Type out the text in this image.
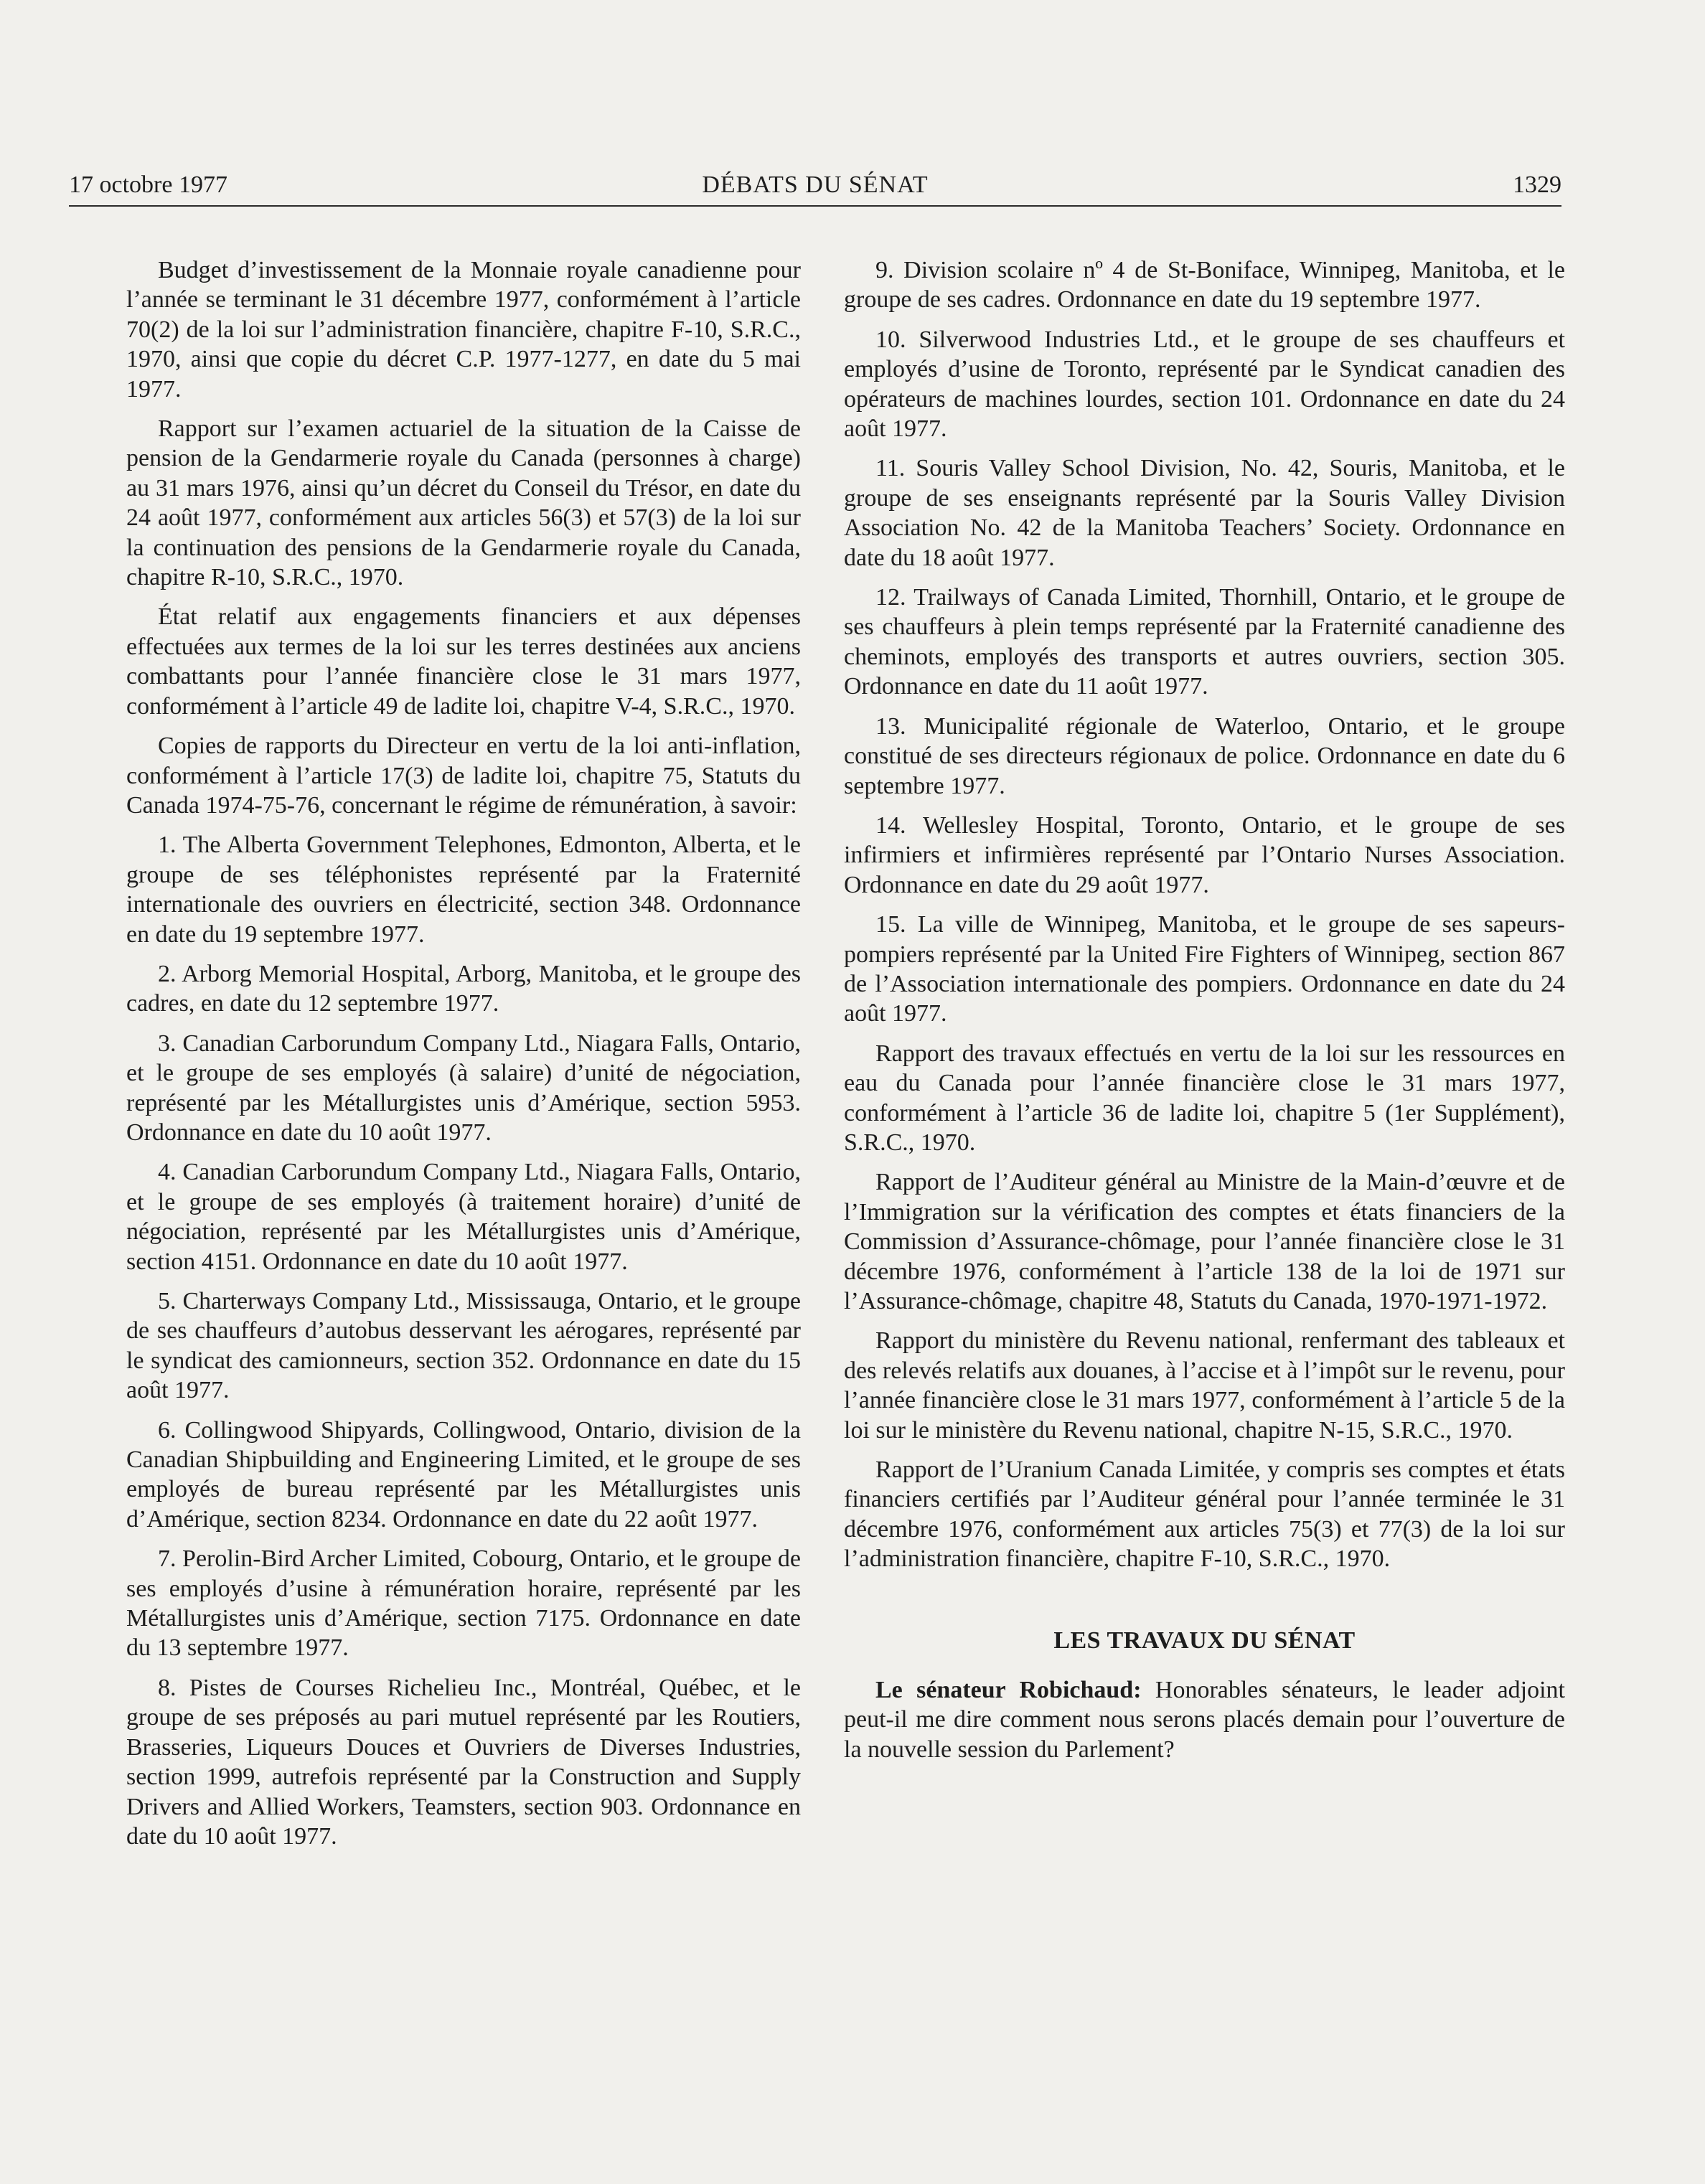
17 octobre 1977	DÉBATS DU SÉNAT	1329

Budget d’investissement de la Monnaie royale canadienne pour l’année se terminant le 31 décembre 1977, conformément à l’article 70(2) de la loi sur l’administration financière, chapitre F-10, S.R.C., 1970, ainsi que copie du décret C.P. 1977-1277, en date du 5 mai 1977.

Rapport sur l’examen actuariel de la situation de la Caisse de pension de la Gendarmerie royale du Canada (personnes à charge) au 31 mars 1976, ainsi qu’un décret du Conseil du Trésor, en date du 24 août 1977, conformément aux articles 56(3) et 57(3) de la loi sur la continuation des pensions de la Gendarmerie royale du Canada, chapitre R-10, S.R.C., 1970.

État relatif aux engagements financiers et aux dépenses effectuées aux termes de la loi sur les terres destinées aux anciens combattants pour l’année financière close le 31 mars 1977, conformément à l’article 49 de ladite loi, chapitre V-4, S.R.C., 1970.

Copies de rapports du Directeur en vertu de la loi anti-inflation, conformément à l’article 17(3) de ladite loi, chapitre 75, Statuts du Canada 1974-75-76, concernant le régime de rémunération, à savoir:

1. The Alberta Government Telephones, Edmonton, Alberta, et le groupe de ses téléphonistes représenté par la Fraternité internationale des ouvriers en électricité, section 348. Ordonnance en date du 19 septembre 1977.

2. Arborg Memorial Hospital, Arborg, Manitoba, et le groupe des cadres, en date du 12 septembre 1977.

3. Canadian Carborundum Company Ltd., Niagara Falls, Ontario, et le groupe de ses employés (à salaire) d’unité de négociation, représenté par les Métallurgistes unis d’Amérique, section 5953. Ordonnance en date du 10 août 1977.

4. Canadian Carborundum Company Ltd., Niagara Falls, Ontario, et le groupe de ses employés (à traitement horaire) d’unité de négociation, représenté par les Métallurgistes unis d’Amérique, section 4151. Ordonnance en date du 10 août 1977.

5. Charterways Company Ltd., Mississauga, Ontario, et le groupe de ses chauffeurs d’autobus desservant les aérogares, représenté par le syndicat des camionneurs, section 352. Ordonnance en date du 15 août 1977.

6. Collingwood Shipyards, Collingwood, Ontario, division de la Canadian Shipbuilding and Engineering Limited, et le groupe de ses employés de bureau représenté par les Métallurgistes unis d’Amérique, section 8234. Ordonnance en date du 22 août 1977.

7. Perolin-Bird Archer Limited, Cobourg, Ontario, et le groupe de ses employés d’usine à rémunération horaire, représenté par les Métallurgistes unis d’Amérique, section 7175. Ordonnance en date du 13 septembre 1977.

8. Pistes de Courses Richelieu Inc., Montréal, Québec, et le groupe de ses préposés au pari mutuel représenté par les Routiers, Brasseries, Liqueurs Douces et Ouvriers de Diverses Industries, section 1999, autrefois représenté par la Construction and Supply Drivers and Allied Workers, Teamsters, section 903. Ordonnance en date du 10 août 1977.

9. Division scolaire nº 4 de St-Boniface, Winnipeg, Manitoba, et le groupe de ses cadres. Ordonnance en date du 19 septembre 1977.

10. Silverwood Industries Ltd., et le groupe de ses chauffeurs et employés d’usine de Toronto, représenté par le Syndicat canadien des opérateurs de machines lourdes, section 101. Ordonnance en date du 24 août 1977.

11. Souris Valley School Division, No. 42, Souris, Manitoba, et le groupe de ses enseignants représenté par la Souris Valley Division Association No. 42 de la Manitoba Teachers’ Society. Ordonnance en date du 18 août 1977.

12. Trailways of Canada Limited, Thornhill, Ontario, et le groupe de ses chauffeurs à plein temps représenté par la Fraternité canadienne des cheminots, employés des transports et autres ouvriers, section 305. Ordonnance en date du 11 août 1977.

13. Municipalité régionale de Waterloo, Ontario, et le groupe constitué de ses directeurs régionaux de police. Ordonnance en date du 6 septembre 1977.

14. Wellesley Hospital, Toronto, Ontario, et le groupe de ses infirmiers et infirmières représenté par l’Ontario Nurses Association. Ordonnance en date du 29 août 1977.

15. La ville de Winnipeg, Manitoba, et le groupe de ses sapeurs-pompiers représenté par la United Fire Fighters of Winnipeg, section 867 de l’Association internationale des pompiers. Ordonnance en date du 24 août 1977.

Rapport des travaux effectués en vertu de la loi sur les ressources en eau du Canada pour l’année financière close le 31 mars 1977, conformément à l’article 36 de ladite loi, chapitre 5 (1er Supplément), S.R.C., 1970.

Rapport de l’Auditeur général au Ministre de la Main-d’œuvre et de l’Immigration sur la vérification des comptes et états financiers de la Commission d’Assurance-chômage, pour l’année financière close le 31 décembre 1976, conformément à l’article 138 de la loi de 1971 sur l’Assurance-chômage, chapitre 48, Statuts du Canada, 1970-1971-1972.

Rapport du ministère du Revenu national, renfermant des tableaux et des relevés relatifs aux douanes, à l’accise et à l’impôt sur le revenu, pour l’année financière close le 31 mars 1977, conformément à l’article 5 de la loi sur le ministère du Revenu national, chapitre N-15, S.R.C., 1970.

Rapport de l’Uranium Canada Limitée, y compris ses comptes et états financiers certifiés par l’Auditeur général pour l’année terminée le 31 décembre 1976, conformément aux articles 75(3) et 77(3) de la loi sur l’administration financière, chapitre F-10, S.R.C., 1970.

LES TRAVAUX DU SÉNAT

Le sénateur Robichaud: Honorables sénateurs, le leader adjoint peut-il me dire comment nous serons placés demain pour l’ouverture de la nouvelle session du Parlement?
